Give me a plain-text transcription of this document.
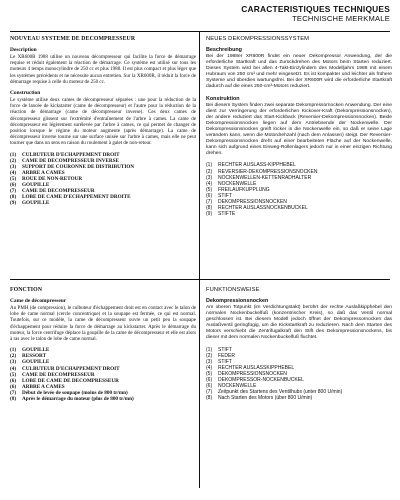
CARACTERISTIQUES TECHNIQUES
TECHNISCHE MERKMALE
NOUVEAU SYSTEME DE DECOMPRESSEUR
Description

Le XR600R 1988 utilise un nouveau décompresseur qui facilite la force de démarrage requise et réduit également la réaction de démarrage. Ce système est utilisé sur tous les moteurs 4 temps monocylindre de 250 cc et plus 1988. Il est plus compact et plus léger que les systèmes précédents et ne nécessite aucun entretien. Sur la XR600R, il réduit la force de démarrage requise à celle du moteur de 250 cc.

Construction

Le système utilise deux cames de décompresseur séparées : une pour la réduction de la force de lancée de kickstarter (came de décompresseur) et l'autre pour la réduction de la réaction de démarrage (came de décompresseur inverse). Ces deux cames de décompresseur glissent sur l'extrémité d'entraînement de l'arbre à cames. La came de décompresseur est légèrement surélevée par l'arbre à cames, ce qui permet de changer de position lorsque le régime du moteur augmente (après démarrage). La came de décompresseur inverse tourne sur une surface unisée sur l'arbre à cames, mais elle ne peut tourner que dans un sens en raison du roulement à galet de non-retour.

(1)	CULBUTEUR D'ECHAPPEMENT DROIT
(2)	CAME DE DECOMPRESSEUR INVERSE
(3)	SUPPORT DE COURONNE DE DISTRIBUTION
(4)	ARBRE A CAMES
(5)	ROUE DE NON-RETOUR
(6)	GOUPILLE
(7)	CAME DE DECOMPRESSEUR
(8)	LOBE DE CAME D'ECHAPPEMENT DROITE
(9)	GOUPILLE
NEUES DEKOMPRESSIONSSYSTEM
Beschreibung

Bei der 1988er XR600R findet ein neuer Dekompressor Anwendung, der die erforderliche Startkraft und das Zurückdrehen des Motors beim Starten reduziert. Dieses System wird bei allen 4-Takt-Einzylindern des Modelljahrs 1988 mit einem Hubraum von 250 cm³ und mehr eingesetzt. Es ist kompakter und leichter als frühere Systeme und überdies wartungsfrei. Bei der XR600R wird die erforderliche Startkraft dadurch auf die eines 250-cm³-Motors reduziert.

Konstruktion

Bei diesem System finden zwei separate Dekompressornocken Anwendung. Der eine dient zur Verringerung der erforderlichen Kickover-Kraft (Dekompressionsnocken), der andere reduziert das Start-Kickback (Reversier-Dekompressionsnocken). Beide Dekompressionsnocken liegen auf dem Antriebsende der Nockenwelle. Der Dekompressionsnocken greift locker in die Nockenwelle ein, so daß er seine Lage verändern kann, wenn die Motordrehzahl (nach dem Anlassen) steigt. Der Reversier-Dekompressionsnocken dreht auf einer bearbeiteten Fläche auf der Nockenwelle, kann sich aufgrund eines Einweg-Rollenlagers jedoch nur in einer einzigen Richtung drehen.

(1)	RECHTER AUSLASS-KIPPHEBEL
(2)	REVERSIER-DEKOMPRESSIONSNOCKEN
(3)	NOCKENWELLEN-KETTENRADHALTER
(4)	NOCKENWELLE
(5)	FREILAUFKUPPLUNG
(6)	STIFT
(7)	DEKOMPRESSIONSNOCKEN
(8)	RECHTER AUSLASSNOCKENBUCKEL
(9)	STIFTE
FONCTION
Came de décompresseur

Au PMH (de compression), le culbuteur d'échappement droit est en contact avec le talon de lobe de came normal (cercle concentrique) et la soupape est fermée, ce qui est normal. Toutefois, sur ce modèle, la came de décompresseur ouvre un petit peu la soupape d'échappement pour réduire la force de démarrage au kickstarter. Après le démarrage du moteur, la force centrifuge déplace la goupille de la came de décompresseur et elle est alors à ras avec le talon de lobe de came normal.

(1)	GOUPILLE
(2)	RESSORT
(3)	GOUPILLE
(4)	CULBUTEUR D'ECHAPPEMENT DROIT
(5)	CAME DE DECOMPRESSEUR
(6)	LOBE DE CAME DE DECOMPRESSEUR
(6)	ARBRE A CAMES
(7)	Début de levée de soupape (moins de 800 tr/mn)
(8)	Après le démarrage du moteur (plus de 800 tr/mn)
FUNKTIONSWEISE
Dekompressionsnocken

Am oberen Totpunkt (im Verdichtungstakt) berührt der rechte Auslaßkipphebel den normalen Nockenbuckelfuß (konzentrischer Kreis), so daß das Ventil normal geschlossen ist. Bei diesem Modell jedoch öffnet der Dekompressornocken das Auslaßventil geringfügig, um die Kickstartkraft zu reduzieren. Nach dem Starten des Motors verschiebt die Zentrifugalkraft den Stift des Dekompressionsnockens, bis dieser mit dem normalen Nockenbuckelfuß fluchtet.

(1)	STIFT
(2)	FEDER
(3)	STIFT
(4)	RECHTER AUSLASSKIPPHEBEL
(5)	DEKOMPRESSIONSNOCKEN
(6)	DEKOMPRESSOR-NOCKENBUCKEL
(6)	NOCKENWELLE
(7)	Zeitpunkt des Startens des Ventilhubs (unter 800 U/min)
(8)	Nach Starten des Motors (über 800 U/min)
